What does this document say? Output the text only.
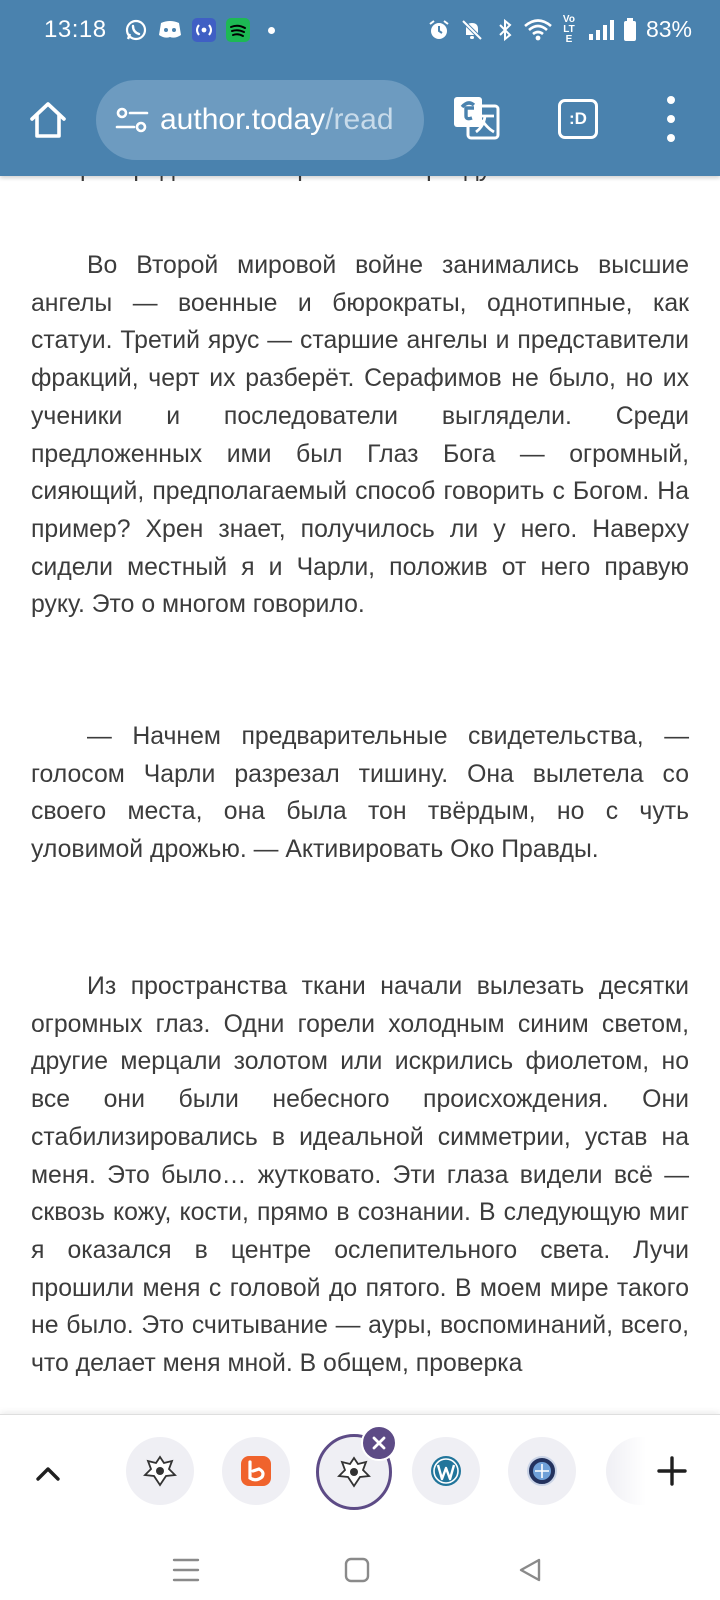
13:18	Vo LTE	83%
author.today/read	:D

Во Второй мировой войне занимались высшие ангелы — военные и бюрократы, однотипные, как статуи. Третий ярус — старшие ангелы и представители фракций, черт их разберёт. Серафимов не было, но их ученики и последователи выглядели. Среди предложенных ими был Глаз Бога — огромный, сияющий, предполагаемый способ говорить с Богом. На пример? Хрен знает, получилось ли у него. Наверху сидели местный я и Чарли, положив от него правую руку. Это о многом говорило.

— Начнем предварительные свидетельства, — голосом Чарли разрезал тишину. Она вылетела со своего места, она была тон твёрдым, но с чуть уловимой дрожью. — Активировать Око Правды.

Из пространства ткани начали вылезать десятки огромных глаз. Одни горели холодным синим светом, другие мерцали золотом или искрились фиолетом, но все они были небесного происхождения. Они стабилизировались в идеальной симметрии, устав на меня. Это было… жутковато. Эти глаза видели всё — сквозь кожу, кости, прямо в сознании. В следующую миг я оказался в центре ослепительного света. Лучи прошили меня с головой до пятого. В моем мире такого не было. Это считывание — ауры, воспоминаний, всего, что делает меня мной. В общем, проверка
